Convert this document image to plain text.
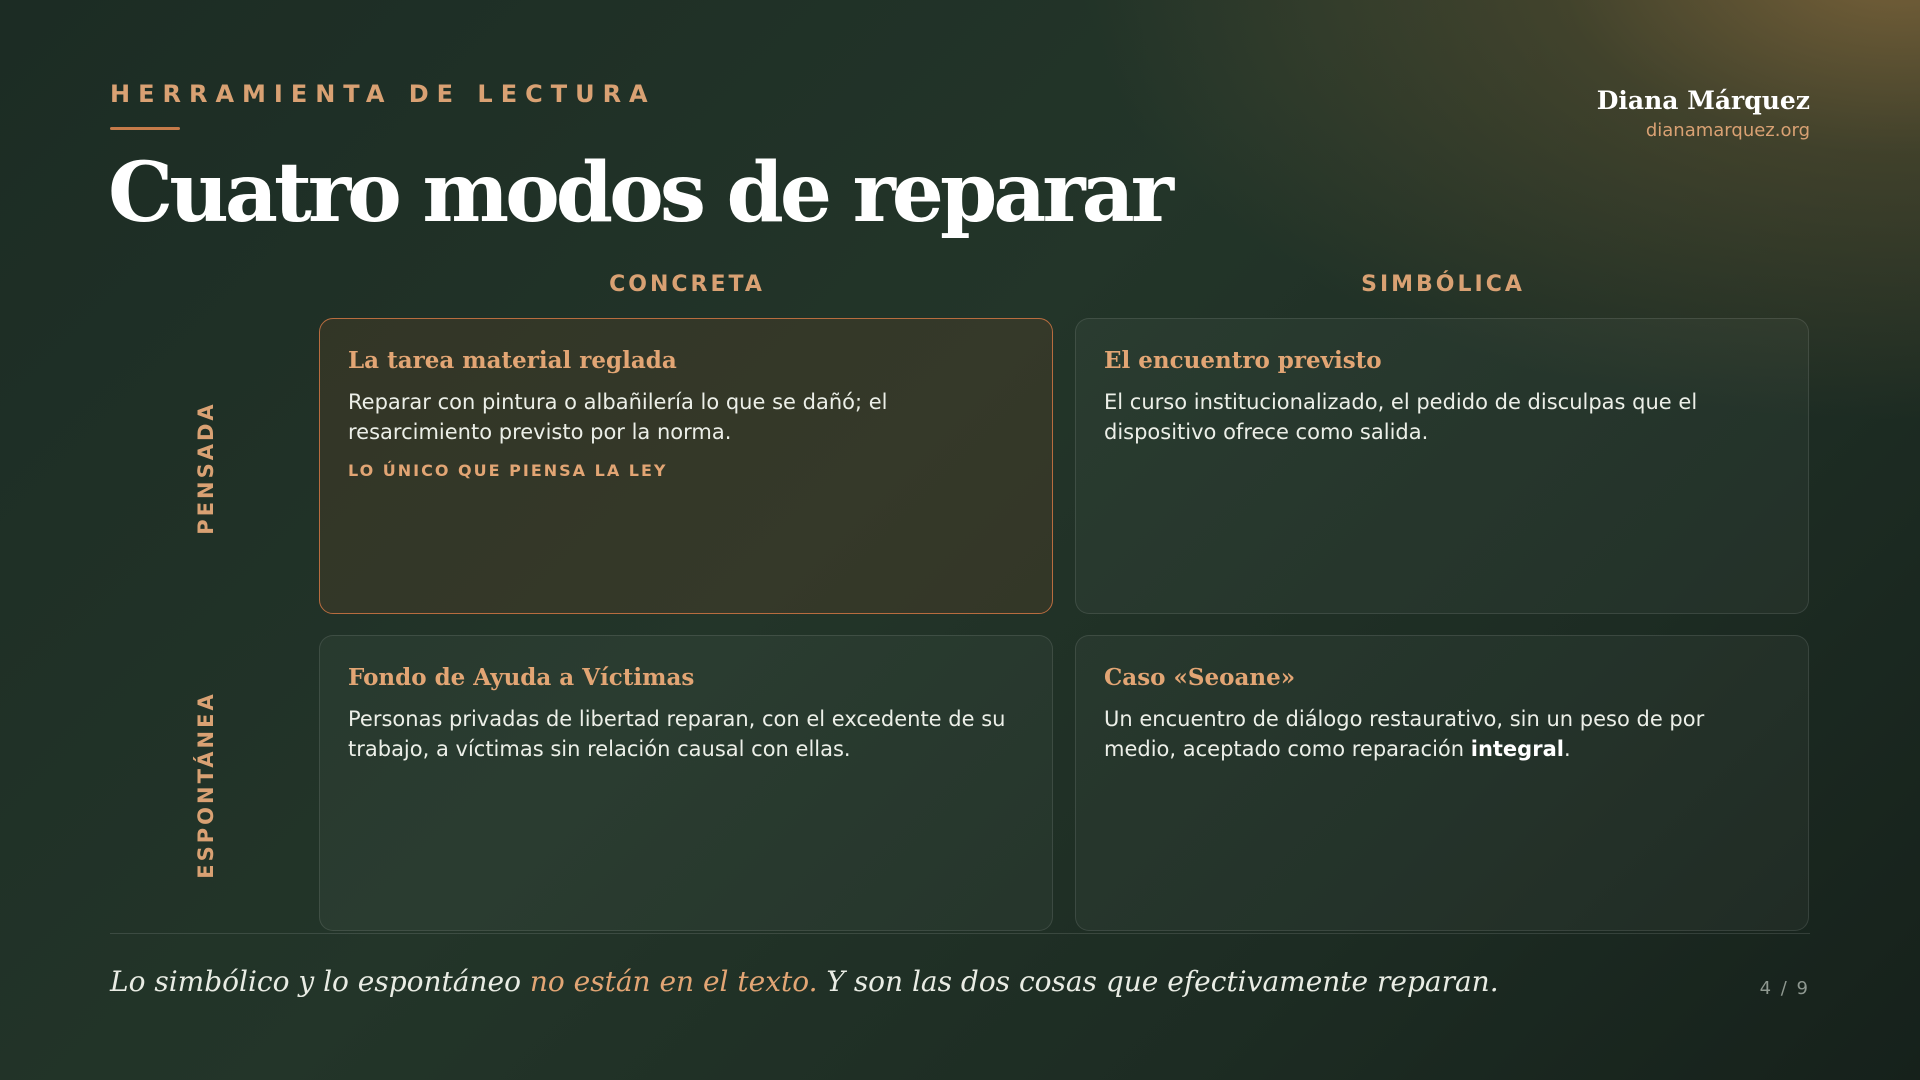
HERRAMIENTA DE LECTURA
Cuatro modos de reparar
Diana Márquez
dianamarquez.org
CONCRETA	SIMBÓLICA
PENSADA
ESPONTÁNEA
La tarea material reglada

Reparar con pintura o albañilería lo que se dañó; el resarcimiento previsto por la norma.

LO ÚNICO QUE PIENSA LA LEY
El encuentro previsto

El curso institucionalizado, el pedido de disculpas que el dispositivo ofrece como salida.

Fondo de Ayuda a Víctimas

Personas privadas de libertad reparan, con el excedente de su trabajo, a víctimas sin relación causal con ellas.

Caso «Seoane»

Un encuentro de diálogo restaurativo, sin un peso de por medio, aceptado como reparación integral.

Lo simbólico y lo espontáneo no están en el texto. Y son las dos cosas que efectivamente reparan.	4 / 9
